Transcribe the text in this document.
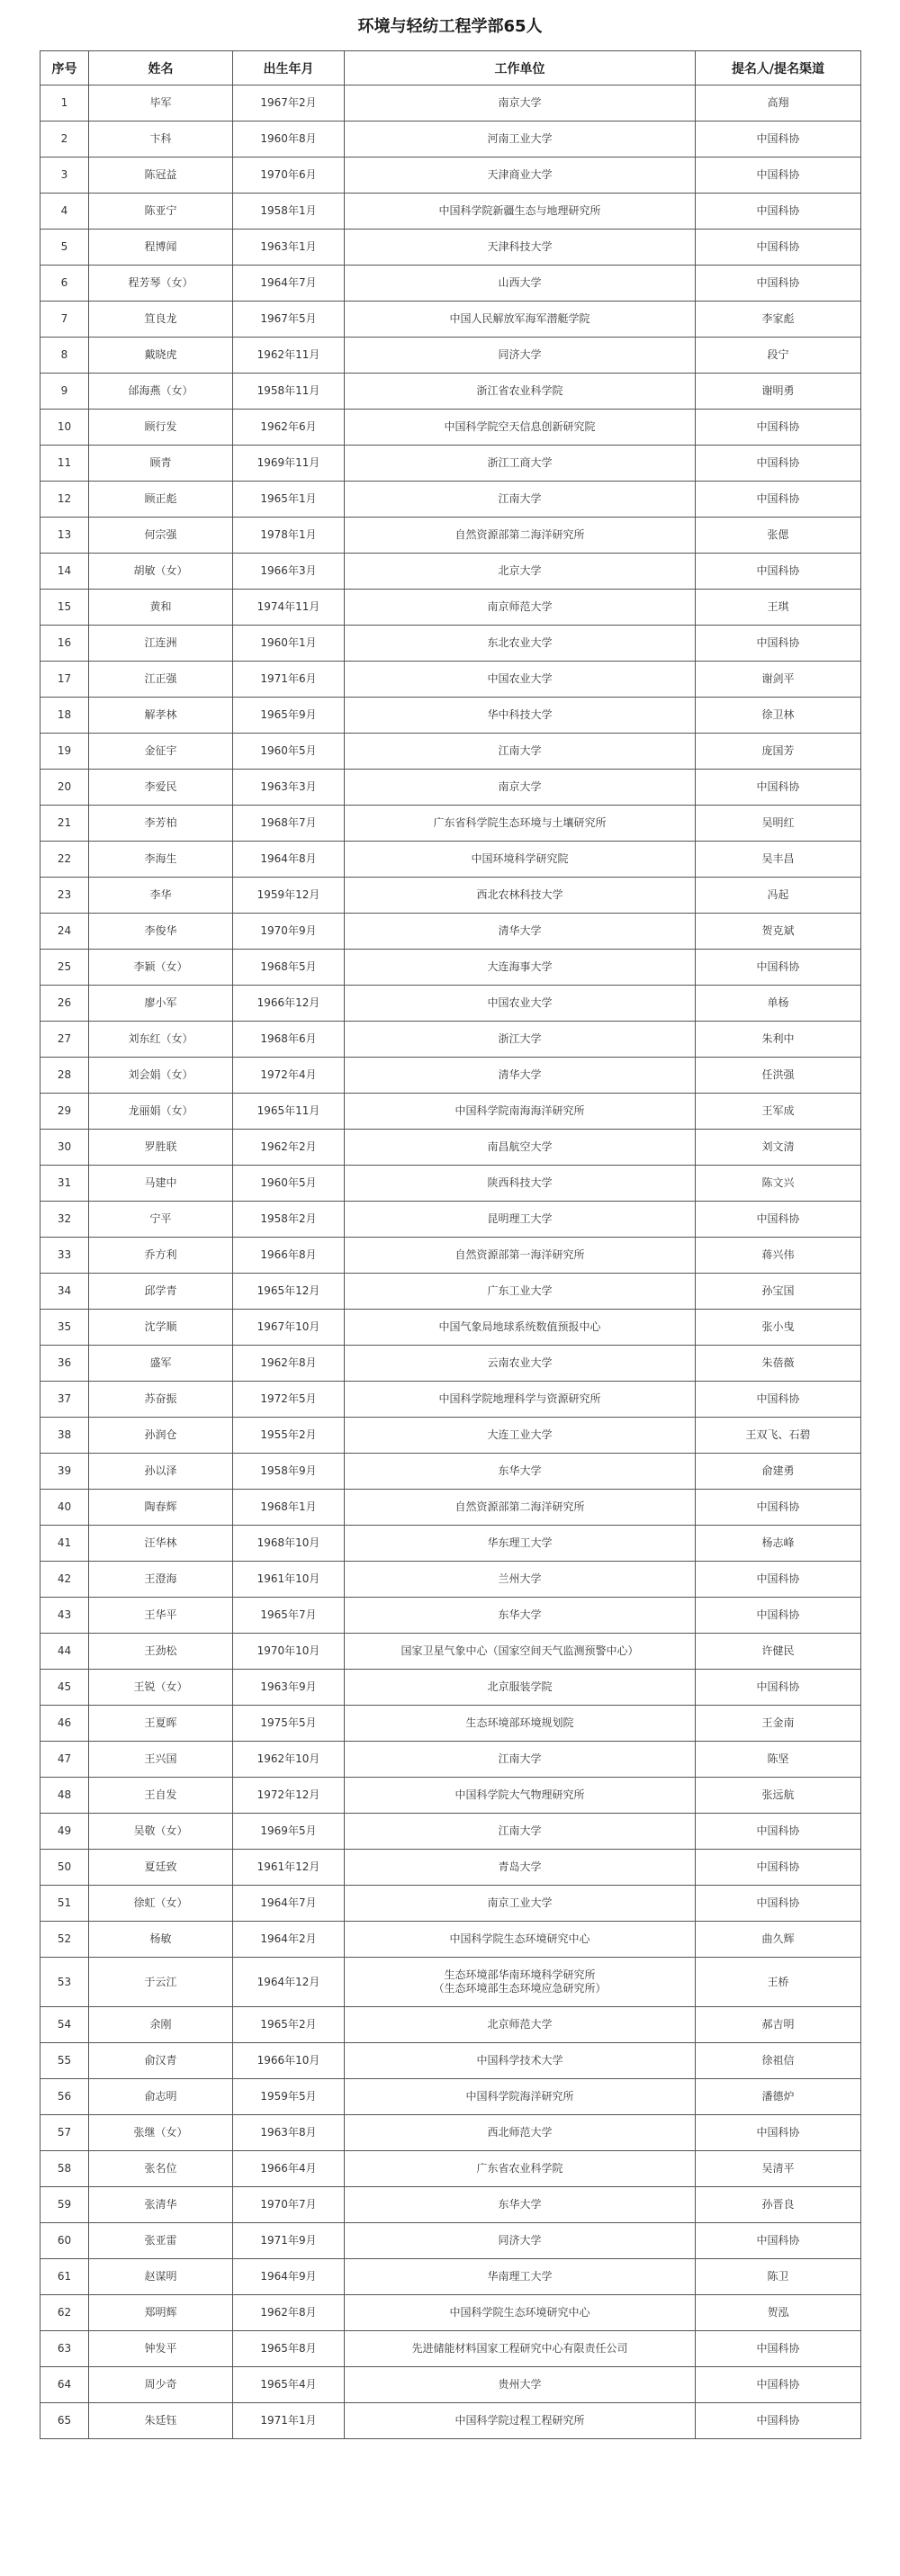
环境与轻纺工程学部65人
序号	姓名	出生年月	工作单位	提名人/提名渠道
1	毕军	1967年2月	南京大学	高翔
2	卞科	1960年8月	河南工业大学	中国科协
3	陈冠益	1970年6月	天津商业大学	中国科协
4	陈亚宁	1958年1月	中国科学院新疆生态与地理研究所	中国科协
5	程博闻	1963年1月	天津科技大学	中国科协
6	程芳琴（女）	1964年7月	山西大学	中国科协
7	笪良龙	1967年5月	中国人民解放军海军潜艇学院	李家彪
8	戴晓虎	1962年11月	同济大学	段宁
9	邰海燕（女）	1958年11月	浙江省农业科学院	谢明勇
10	顾行发	1962年6月	中国科学院空天信息创新研究院	中国科协
11	顾青	1969年11月	浙江工商大学	中国科协
12	顾正彪	1965年1月	江南大学	中国科协
13	何宗强	1978年1月	自然资源部第二海洋研究所	张偲
14	胡敏（女）	1966年3月	北京大学	中国科协
15	黄和	1974年11月	南京师范大学	王琪
16	江连洲	1960年1月	东北农业大学	中国科协
17	江正强	1971年6月	中国农业大学	谢剑平
18	解孝林	1965年9月	华中科技大学	徐卫林
19	金征宇	1960年5月	江南大学	庞国芳
20	李爱民	1963年3月	南京大学	中国科协
21	李芳柏	1968年7月	广东省科学院生态环境与土壤研究所	吴明红
22	李海生	1964年8月	中国环境科学研究院	吴丰昌
23	李华	1959年12月	西北农林科技大学	冯起
24	李俊华	1970年9月	清华大学	贺克斌
25	李颖（女）	1968年5月	大连海事大学	中国科协
26	廖小军	1966年12月	中国农业大学	单杨
27	刘东红（女）	1968年6月	浙江大学	朱利中
28	刘会娟（女）	1972年4月	清华大学	任洪强
29	龙丽娟（女）	1965年11月	中国科学院南海海洋研究所	王军成
30	罗胜联	1962年2月	南昌航空大学	刘文清
31	马建中	1960年5月	陕西科技大学	陈文兴
32	宁平	1958年2月	昆明理工大学	中国科协
33	乔方利	1966年8月	自然资源部第一海洋研究所	蒋兴伟
34	邱学青	1965年12月	广东工业大学	孙宝国
35	沈学顺	1967年10月	中国气象局地球系统数值预报中心	张小曳
36	盛军	1962年8月	云南农业大学	朱蓓薇
37	苏奋振	1972年5月	中国科学院地理科学与资源研究所	中国科协
38	孙润仓	1955年2月	大连工业大学	王双飞、石碧
39	孙以泽	1958年9月	东华大学	俞建勇
40	陶春辉	1968年1月	自然资源部第二海洋研究所	中国科协
41	汪华林	1968年10月	华东理工大学	杨志峰
42	王澄海	1961年10月	兰州大学	中国科协
43	王华平	1965年7月	东华大学	中国科协
44	王劲松	1970年10月	国家卫星气象中心（国家空间天气监测预警中心）	许健民
45	王锐（女）	1963年9月	北京服装学院	中国科协
46	王夏晖	1975年5月	生态环境部环境规划院	王金南
47	王兴国	1962年10月	江南大学	陈坚
48	王自发	1972年12月	中国科学院大气物理研究所	张远航
49	吴敬（女）	1969年5月	江南大学	中国科协
50	夏廷致	1961年12月	青岛大学	中国科协
51	徐虹（女）	1964年7月	南京工业大学	中国科协
52	杨敏	1964年2月	中国科学院生态环境研究中心	曲久辉
53	于云江	1964年12月	生态环境部华南环境科学研究所
（生态环境部生态环境应急研究所）	王桥
54	余刚	1965年2月	北京师范大学	郝吉明
55	俞汉青	1966年10月	中国科学技术大学	徐祖信
56	俞志明	1959年5月	中国科学院海洋研究所	潘德炉
57	张继（女）	1963年8月	西北师范大学	中国科协
58	张名位	1966年4月	广东省农业科学院	吴清平
59	张清华	1970年7月	东华大学	孙晋良
60	张亚雷	1971年9月	同济大学	中国科协
61	赵谋明	1964年9月	华南理工大学	陈卫
62	郑明辉	1962年8月	中国科学院生态环境研究中心	贺泓
63	钟发平	1965年8月	先进储能材料国家工程研究中心有限责任公司	中国科协
64	周少奇	1965年4月	贵州大学	中国科协
65	朱廷钰	1971年1月	中国科学院过程工程研究所	中国科协
